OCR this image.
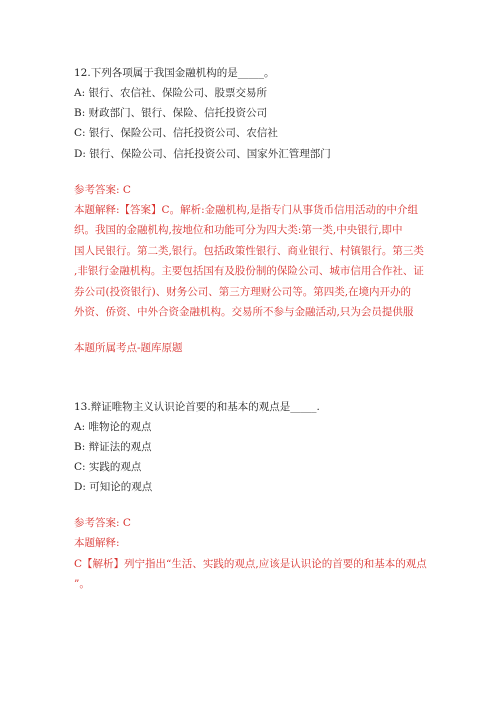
12.下列各项属于我国金融机构的是_____。
A: 银行、农信社、保险公司、股票交易所
B: 财政部门、银行、保险、信托投资公司
C: 银行、保险公司、信托投资公司、农信社
D: 银行、保险公司、信托投资公司、国家外汇管理部门
参考答案: C
本题解释:【答案】C。解析:金融机构,是指专门从事货币信用活动的中介组
织。我国的金融机构,按地位和功能可分为四大类:第一类,中央银行,即中
国人民银行。第二类,银行。包括政策性银行、商业银行、村镇银行。第三类
,非银行金融机构。主要包括国有及股份制的保险公司、城市信用合作社、证
券公司(投资银行)、财务公司、第三方理财公司等。第四类,在境内开办的
外资、侨资、中外合资金融机构。交易所不参与金融活动,只为会员提供服
本题所属考点-题库原题
13.辩证唯物主义认识论首要的和基本的观点是_____.
A: 唯物论的观点
B: 辩证法的观点
C: 实践的观点
D: 可知论的观点
参考答案: C
本题解释:
C【解析】列宁指出“生活、实践的观点,应该是认识论的首要的和基本的观点
”。
